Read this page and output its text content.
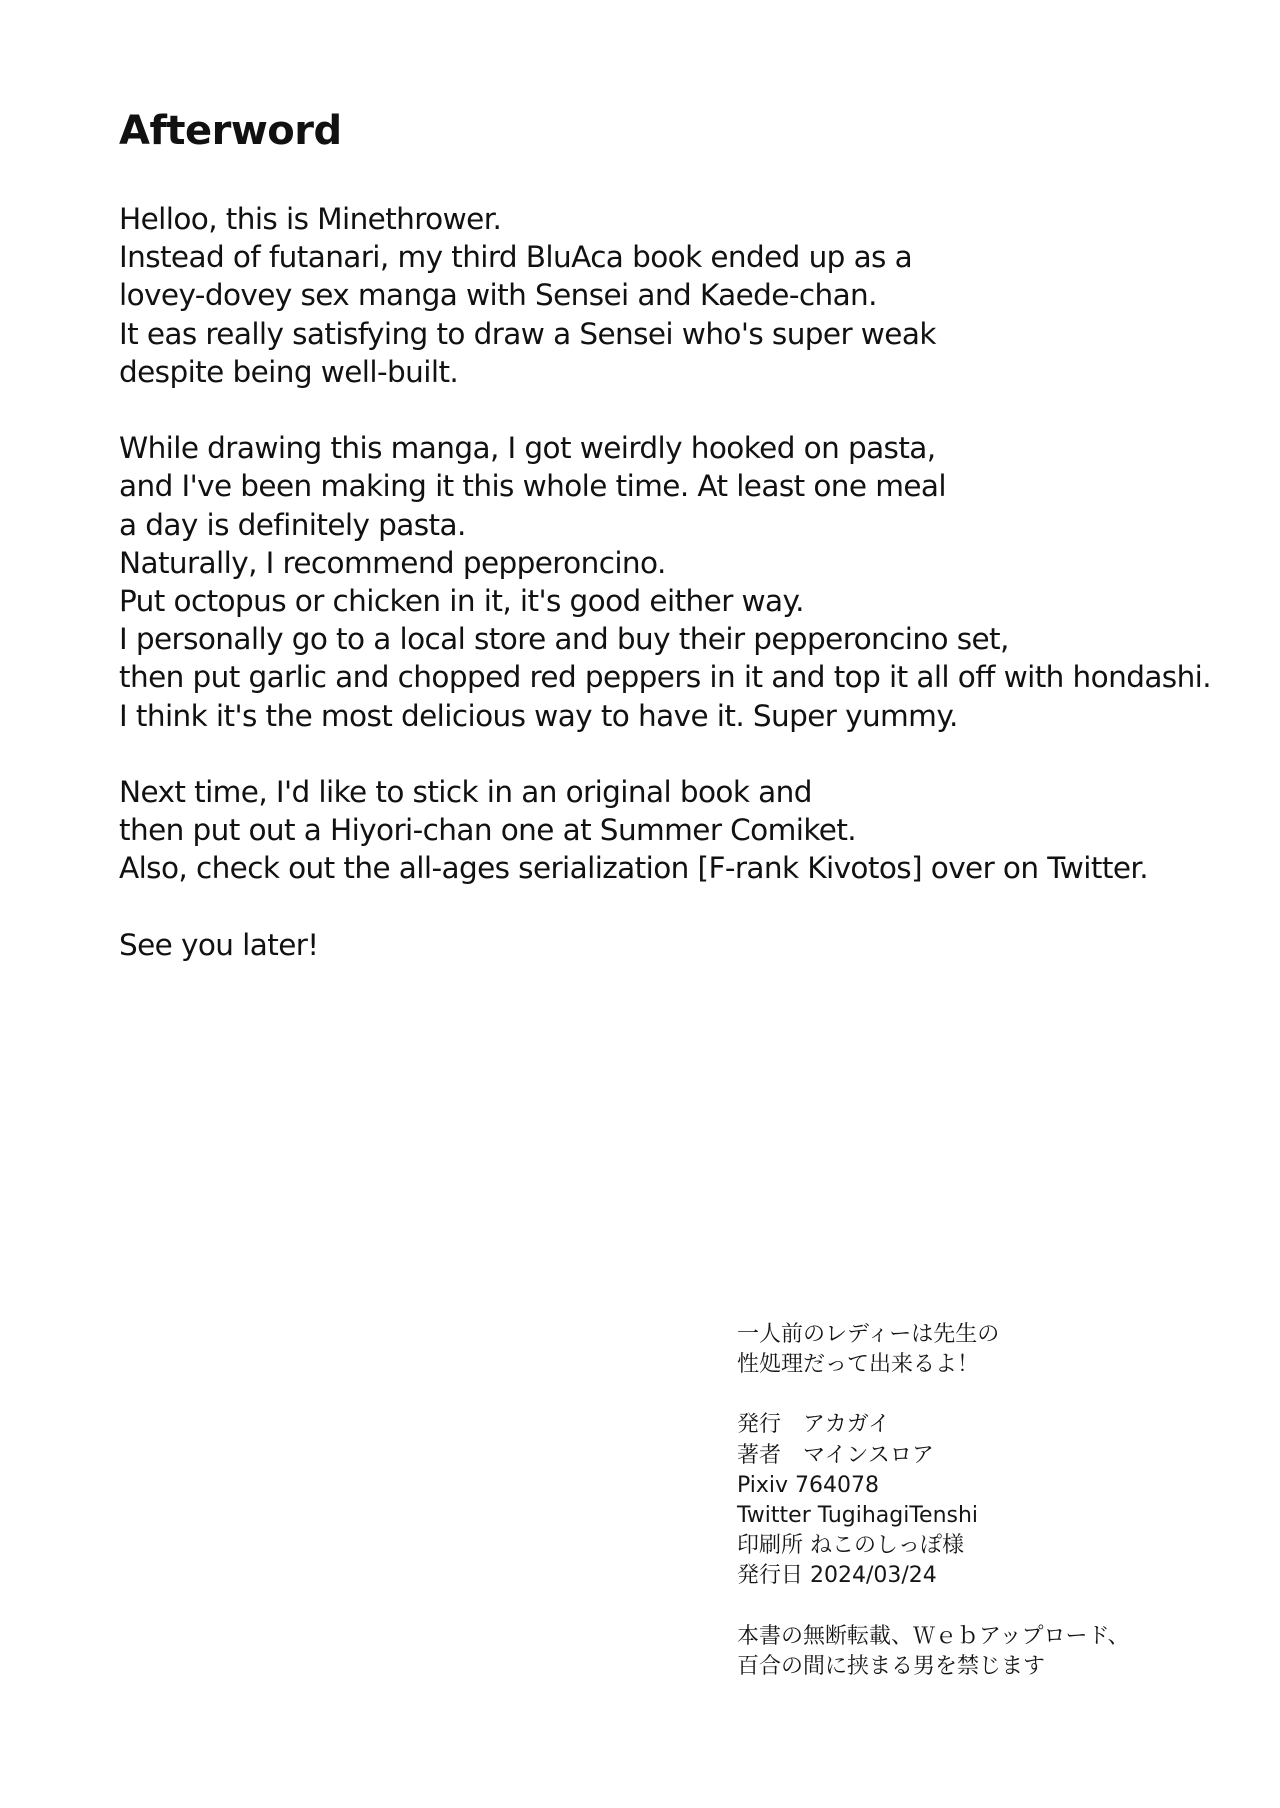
Afterword
Helloo, this is Minethrower.
Instead of futanari, my third BluAca book ended up as a
lovey-dovey sex manga with Sensei and Kaede-chan.
It eas really satisfying to draw a Sensei who's super weak
despite being well-built.
While drawing this manga, I got weirdly hooked on pasta,
and I've been making it this whole time. At least one meal
a day is definitely pasta.
Naturally, I recommend pepperoncino.
Put octopus or chicken in it, it's good either way.
I personally go to a local store and buy their pepperoncino set,
then put garlic and chopped red peppers in it and top it all off with hondashi.
I think it's the most delicious way to have it. Super yummy.
Next time, I'd like to stick in an original book and
then put out a Hiyori-chan one at Summer Comiket.
Also, check out the all-ages serialization [F-rank Kivotos] over on Twitter.
See you later!
一人前のレディーは先生の
性処理だって出来るよ！
発行　アカガイ
著者　マインスロア
Pixiv 764078
Twitter TugihagiTenshi
印刷所 ねこのしっぽ様
発行日 2024/03/24
本書の無断転載、Ｗｅｂアップロード、
百合の間に挟まる男を禁じます
